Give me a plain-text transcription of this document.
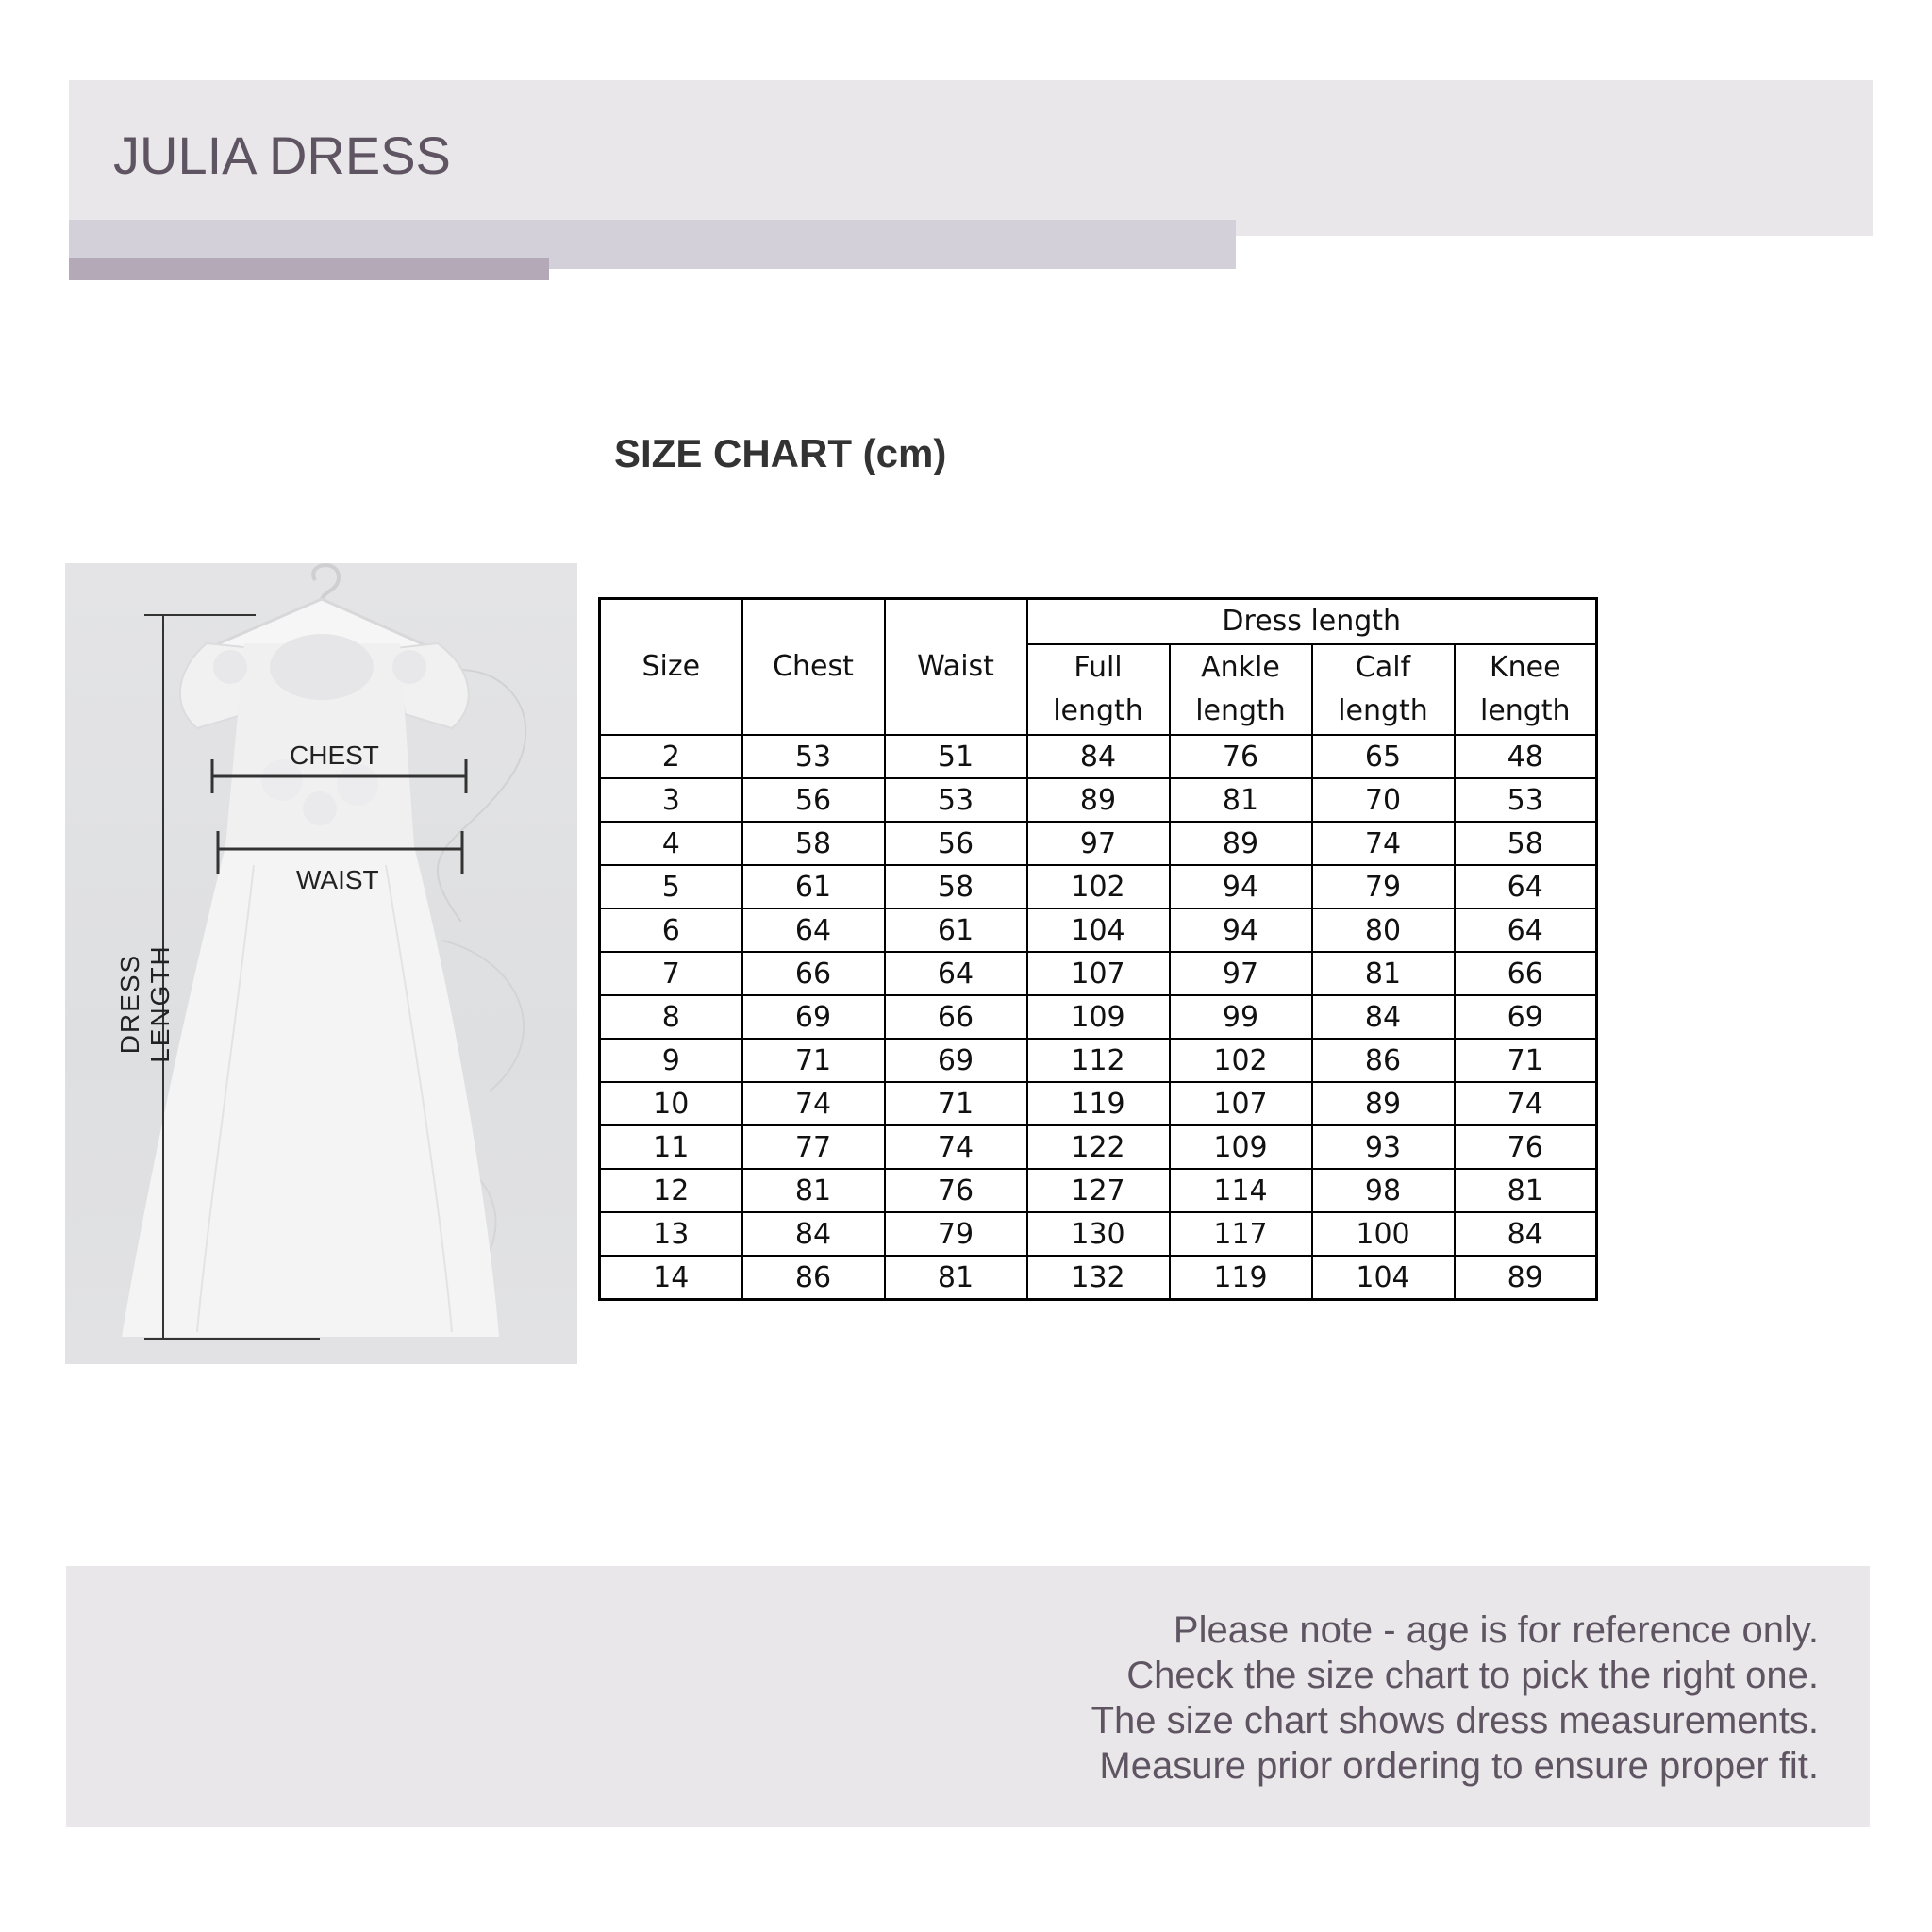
JULIA DRESS
SIZE CHART (cm)
CHEST
WAIST
DRESS LENGTH
Size	Chest	Waist	Dress length			
			Full length	Ankle length	Calf length	Knee length
2	53	51	84	76	65	48
3	56	53	89	81	70	53
4	58	56	97	89	74	58
5	61	58	102	94	79	64
6	64	61	104	94	80	64
7	66	64	107	97	81	66
8	69	66	109	99	84	69
9	71	69	112	102	86	71
10	74	71	119	107	89	74
11	77	74	122	109	93	76
12	81	76	127	114	98	81
13	84	79	130	117	100	84
14	86	81	132	119	104	89
Please note - age is for reference only.
Check the size chart to pick the right one.
The size chart shows dress measurements.
Measure prior ordering to ensure proper fit.
